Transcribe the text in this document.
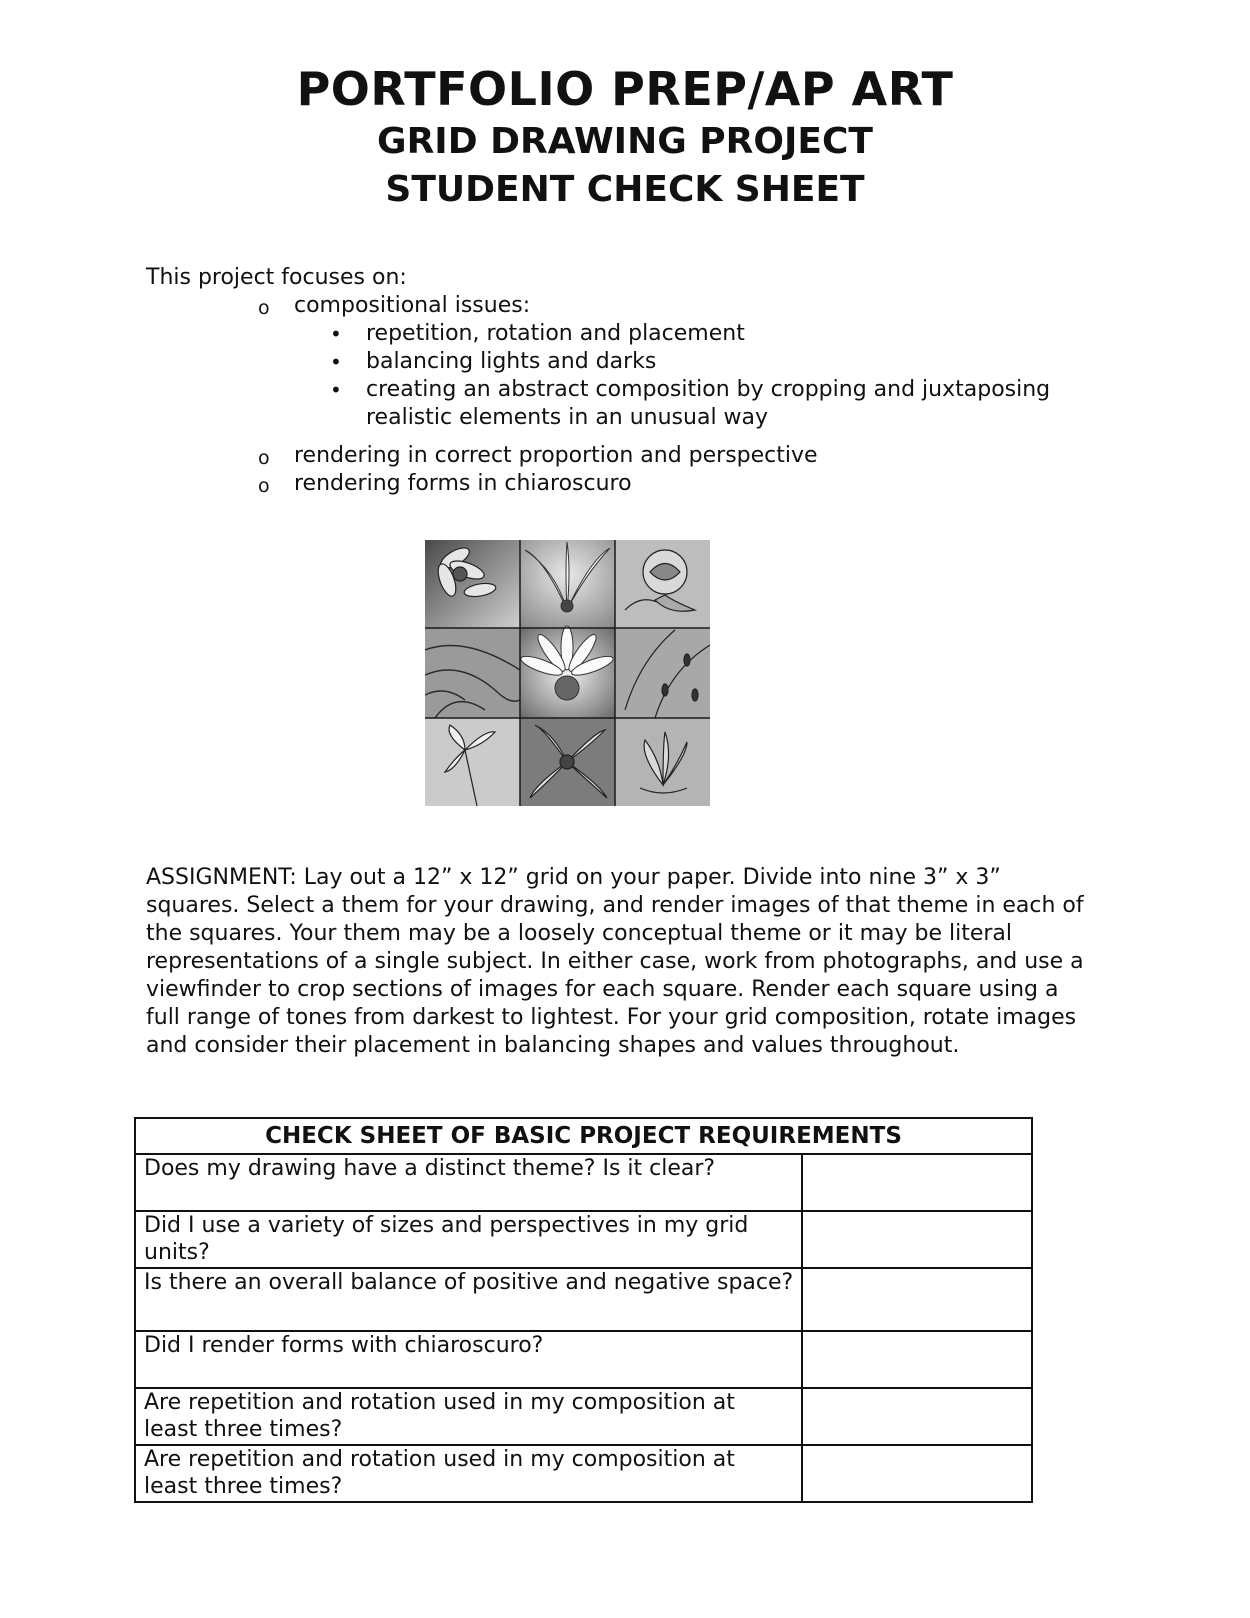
PORTFOLIO PREP/AP ART
GRID DRAWING PROJECT
STUDENT CHECK SHEET

This project focuses on:

o compositional issues:
• repetition, rotation and placement
• balancing lights and darks
• creating an abstract composition by cropping and juxtaposing realistic elements in an unusual way
o rendering in correct proportion and perspective
o rendering forms in chiaroscuro

ASSIGNMENT: Lay out a 12” x 12” grid on your paper. Divide into nine 3” x 3” squares. Select a them for your drawing, and render images of that theme in each of the squares. Your them may be a loosely conceptual theme or it may be literal representations of a single subject. In either case, work from photographs, and use a viewfinder to crop sections of images for each square. Render each square using a full range of tones from darkest to lightest. For your grid composition, rotate images and consider their placement in balancing shapes and values throughout.

CHECK SHEET OF BASIC PROJECT REQUIREMENTS	
Does my drawing have a distinct theme? Is it clear?	
Did I use a variety of sizes and perspectives in my grid units?	
Is there an overall balance of positive and negative space?	
Did I render forms with chiaroscuro?	
Are repetition and rotation used in my composition at least three times?	
Are repetition and rotation used in my composition at least three times?	
